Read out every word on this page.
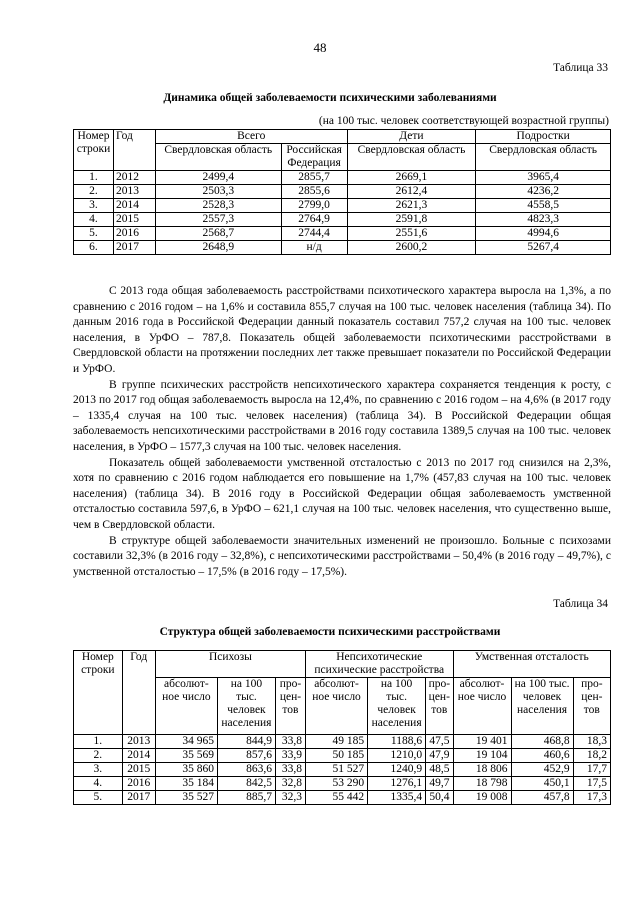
48
Таблица 33
Динамика общей заболеваемости психическими заболеваниями
(на 100 тыс. человек соответствующей возрастной группы)
Номер строки	Год	Всего		Дети	Подростки
		Свердловская область	Российская Федерация	Свердловская область	Свердловская область
1.	2012	2499,4	2855,7	2669,1	3965,4
2.	2013	2503,3	2855,6	2612,4	4236,2
3.	2014	2528,3	2799,0	2621,3	4558,5
4.	2015	2557,3	2764,9	2591,8	4823,3
5.	2016	2568,7	2744,4	2551,6	4994,6
6.	2017	2648,9	н/д	2600,2	5267,4

С 2013 года общая заболеваемость расстройствами психотического характера выросла на 1,3%, а по сравнению с 2016 годом – на 1,6% и составила 855,7 случая на 100 тыс. человек населения (таблица 34). По данным 2016 года в Российской Федерации данный показатель составил 757,2 случая на 100 тыс. человек населения, в УрФО – 787,8. Показатель общей заболеваемости психотическими расстройствами в Свердловской области на протяжении последних лет также превышает показатели по Российской Федерации и УрФО.

В группе психических расстройств непсихотического характера сохраняется тенденция к росту, с 2013 по 2017 год общая заболеваемость выросла на 12,4%, по сравнению с 2016 годом – на 4,6% (в 2017 году – 1335,4 случая на 100 тыс. человек населения) (таблица 34). В Российской Федерации общая заболеваемость непсихотическими расстройствами в 2016 году составила 1389,5 случая на 100 тыс. человек населения, в УрФО – 1577,3 случая на 100 тыс. человек населения.

Показатель общей заболеваемости умственной отсталостью с 2013 по 2017 год снизился на 2,3%, хотя по сравнению с 2016 годом наблюдается его повышение на 1,7% (457,83 случая на 100 тыс. человек населения) (таблица 34). В 2016 году в Российской Федерации общая заболеваемость умственной отсталостью составила 597,6, в УрФО – 621,1 случая на 100 тыс. человек населения, что существенно выше, чем в Свердловской области.

В структуре общей заболеваемости значительных изменений не произошло. Больные с психозами составили 32,3% (в 2016 году – 32,8%), с непсихотическими расстройствами – 50,4% (в 2016 году – 49,7%), с умственной отсталостью – 17,5% (в 2016 году – 17,5%).

Таблица 34
Структура общей заболеваемости психическими расстройствами
Номер строки	Год	Психозы			Непсихотические психические расстройства			Умственная отсталость		
		абсолют-ное число	на 100 тыс. человек населения	про-цен-тов	абсолют-ное число	на 100 тыс. человек населения	про-цен-тов	абсолют-ное число	на 100 тыс. человек населения	про-цен-тов
1.	2013	34 965	844,9	33,8	49 185	1188,6	47,5	19 401	468,8	18,3
2.	2014	35 569	857,6	33,9	50 185	1210,0	47,9	19 104	460,6	18,2
3.	2015	35 860	863,6	33,8	51 527	1240,9	48,5	18 806	452,9	17,7
4.	2016	35 184	842,5	32,8	53 290	1276,1	49,7	18 798	450,1	17,5
5.	2017	35 527	885,7	32,3	55 442	1335,4	50,4	19 008	457,8	17,3
